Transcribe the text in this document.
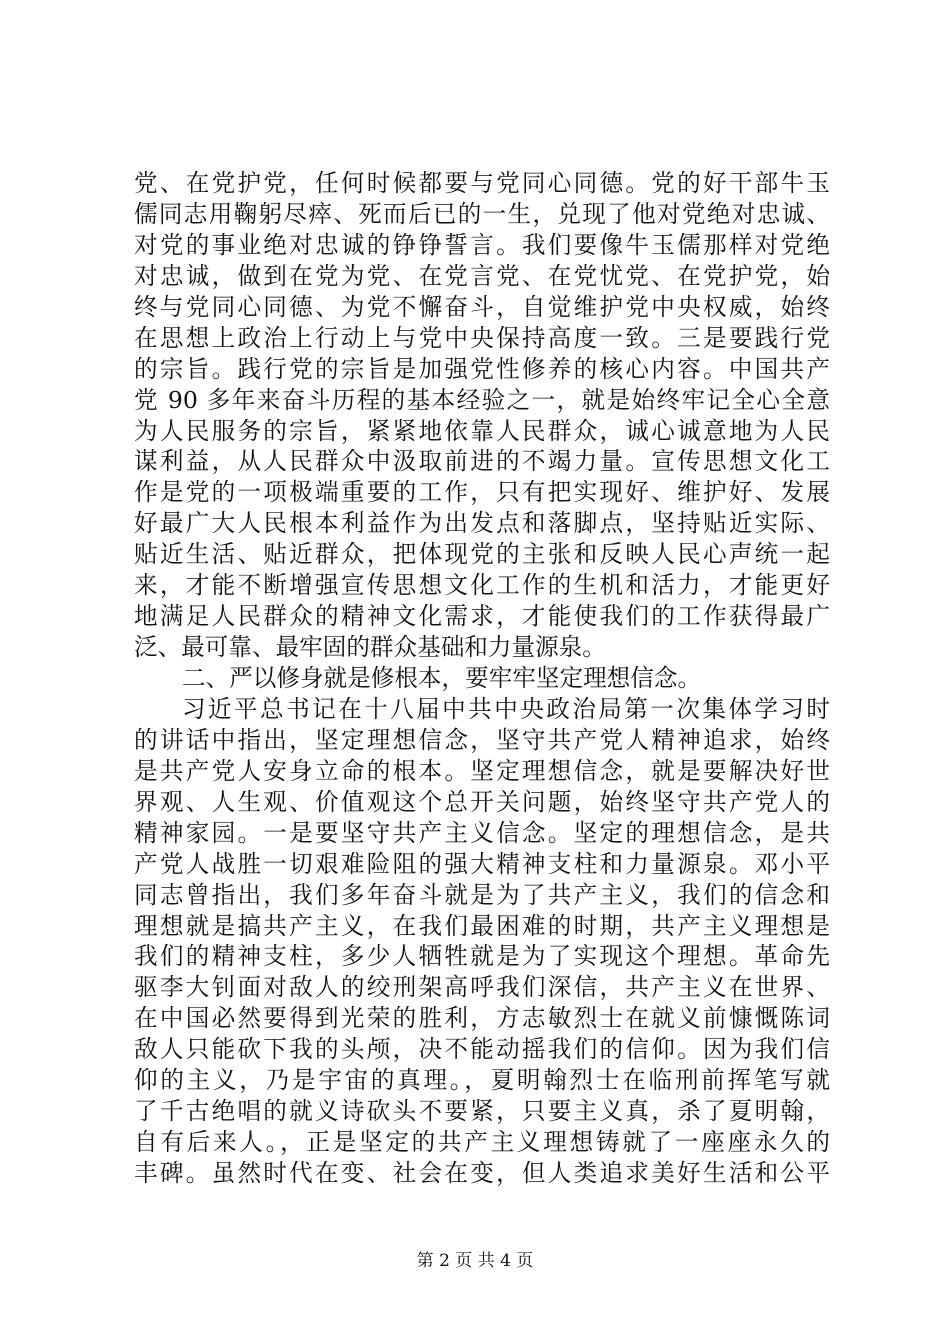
党、在党护党，任何时候都要与党同心同德。党的好干部牛玉
儒同志用鞠躬尽瘁、死而后已的一生，兑现了他对党绝对忠诚、
对党的事业绝对忠诚的铮铮誓言。我们要像牛玉儒那样对党绝
对忠诚，做到在党为党、在党言党、在党忧党、在党护党，始
终与党同心同德、为党不懈奋斗，自觉维护党中央权威，始终
在思想上政治上行动上与党中央保持高度一致。三是要践行党
的宗旨。践行党的宗旨是加强党性修养的核心内容。中国共产
党 90 多年来奋斗历程的基本经验之一，就是始终牢记全心全意
为人民服务的宗旨，紧紧地依靠人民群众，诚心诚意地为人民
谋利益，从人民群众中汲取前进的不竭力量。宣传思想文化工
作是党的一项极端重要的工作，只有把实现好、维护好、发展
好最广大人民根本利益作为出发点和落脚点，坚持贴近实际、
贴近生活、贴近群众，把体现党的主张和反映人民心声统一起
来，才能不断增强宣传思想文化工作的生机和活力，才能更好
地满足人民群众的精神文化需求，才能使我们的工作获得最广
泛、最可靠、最牢固的群众基础和力量源泉。
二、严以修身就是修根本，要牢牢坚定理想信念。
习近平总书记在十八届中共中央政治局第一次集体学习时
的讲话中指出，坚定理想信念，坚守共产党人精神追求，始终
是共产党人安身立命的根本。坚定理想信念，就是要解决好世
界观、人生观、价值观这个总开关问题，始终坚守共产党人的
精神家园。一是要坚守共产主义信念。坚定的理想信念，是共
产党人战胜一切艰难险阻的强大精神支柱和力量源泉。邓小平
同志曾指出，我们多年奋斗就是为了共产主义，我们的信念和
理想就是搞共产主义，在我们最困难的时期，共产主义理想是
我们的精神支柱，多少人牺牲就是为了实现这个理想。革命先
驱李大钊面对敌人的绞刑架高呼我们深信，共产主义在世界、
在中国必然要得到光荣的胜利，方志敏烈士在就义前慷慨陈词
敌人只能砍下我的头颅，决不能动摇我们的信仰。因为我们信
仰的主义，乃是宇宙的真理。，夏明翰烈士在临刑前挥笔写就
了千古绝唱的就义诗砍头不要紧，只要主义真，杀了夏明翰，
自有后来人。，正是坚定的共产主义理想铸就了一座座永久的
丰碑。虽然时代在变、社会在变，但人类追求美好生活和公平
第 2 页 共 4 页
